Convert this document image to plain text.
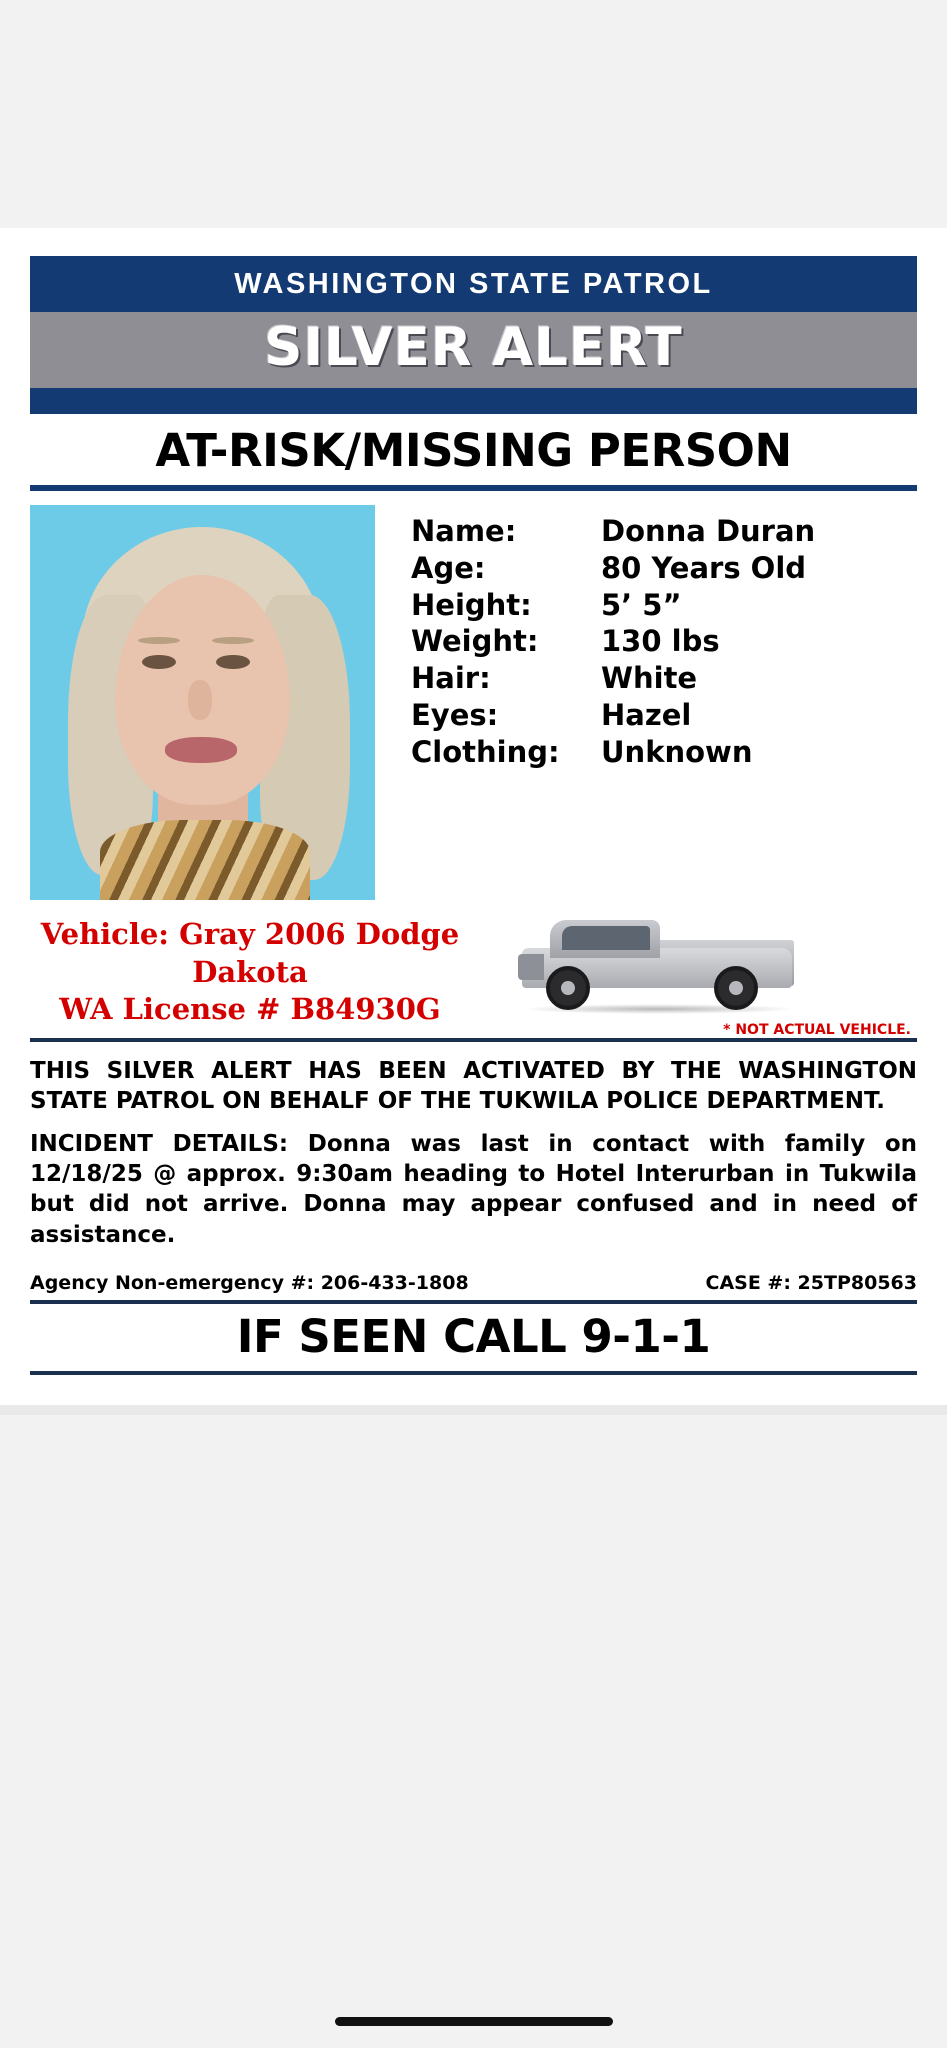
WASHINGTON STATE PATROL
SILVER ALERT
AT-RISK/MISSING PERSON
Name:	Donna Duran
Age:	80 Years Old
Height:	5’ 5”
Weight:	130 lbs
Hair:	White
Eyes:	Hazel
Clothing:	Unknown
Vehicle: Gray 2006 Dodge Dakota
WA License # B84930G
* NOT ACTUAL VEHICLE.

THIS SILVER ALERT HAS BEEN ACTIVATED BY THE WASHINGTON STATE PATROL ON BEHALF OF THE TUKWILA POLICE DEPARTMENT.

INCIDENT DETAILS: Donna was last in contact with family on 12/18/25 @ approx. 9:30am heading to Hotel Interurban in Tukwila but did not arrive. Donna may appear confused and in need of assistance.

Agency Non-emergency #: 206-433-1808	CASE #: 25TP80563
IF SEEN CALL 9-1-1
